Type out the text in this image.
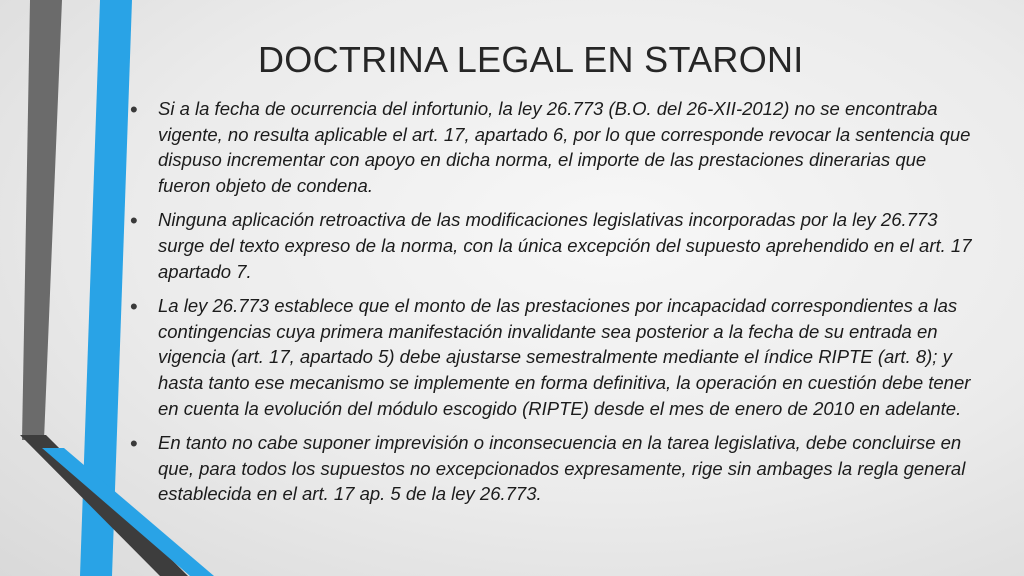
DOCTRINA LEGAL EN STARONI
• Si a la fecha de ocurrencia del infortunio, la ley 26.773 (B.O. del 26-XII-2012) no se encontraba vigente, no resulta aplicable el art. 17, apartado 6, por lo que corresponde revocar la sentencia que dispuso incrementar con apoyo en dicha norma, el importe de las prestaciones dinerarias que fueron objeto de condena.
• Ninguna aplicación retroactiva de las modificaciones legislativas incorporadas por la ley 26.773 surge del texto expreso de la norma, con la única excepción del supuesto aprehendido en el art. 17 apartado 7.
• La ley 26.773 establece que el monto de las prestaciones por incapacidad correspondientes a las contingencias cuya primera manifestación invalidante sea posterior a la fecha de su entrada en vigencia (art. 17, apartado 5) debe ajustarse semestralmente mediante el índice RIPTE (art. 8); y hasta tanto ese mecanismo se implemente en forma definitiva, la operación en cuestión debe tener en cuenta la evolución del módulo escogido (RIPTE) desde el mes de enero de 2010 en adelante.
• En tanto no cabe suponer imprevisión o inconsecuencia en la tarea legislativa, debe concluirse en que, para todos los supuestos no excepcionados expresamente, rige sin ambages la regla general establecida en el art. 17 ap. 5 de la ley 26.773.
